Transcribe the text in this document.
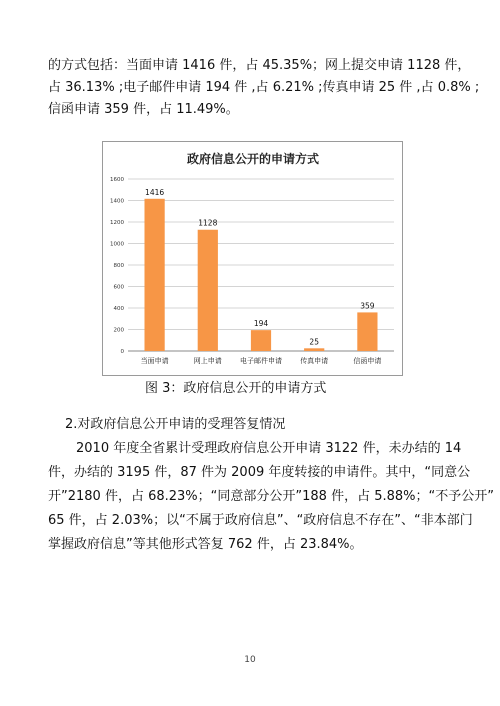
的方式包括：当面申请 1416 件，占 45.35%；网上提交申请 1128 件，
占 36.13% ;电子邮件申请 194 件 ,占 6.21% ;传真申请 25 件 ,占 0.8% ;
信函申请 359 件，占 11.49%。
政府信息公开的申请方式
0
200
400
600
800
1000
1200
1400
1600
1416
1128
194
25
359
当面申请	网上申请	电子邮件申请	传真申请	信函申请
图 3：政府信息公开的申请方式
2.对政府信息公开申请的受理答复情况
2010 年度全省累计受理政府信息公开申请 3122 件，未办结的 14
件，办结的 3195 件，87 件为 2009 年度转接的申请件。其中，“同意公
开”2180 件，占 68.23%；“同意部分公开”188 件，占 5.88%；“不予公开”
65 件，占 2.03%；以“不属于政府信息”、“政府信息不存在”、“非本部门
掌握政府信息”等其他形式答复 762 件，占 23.84%。
10
